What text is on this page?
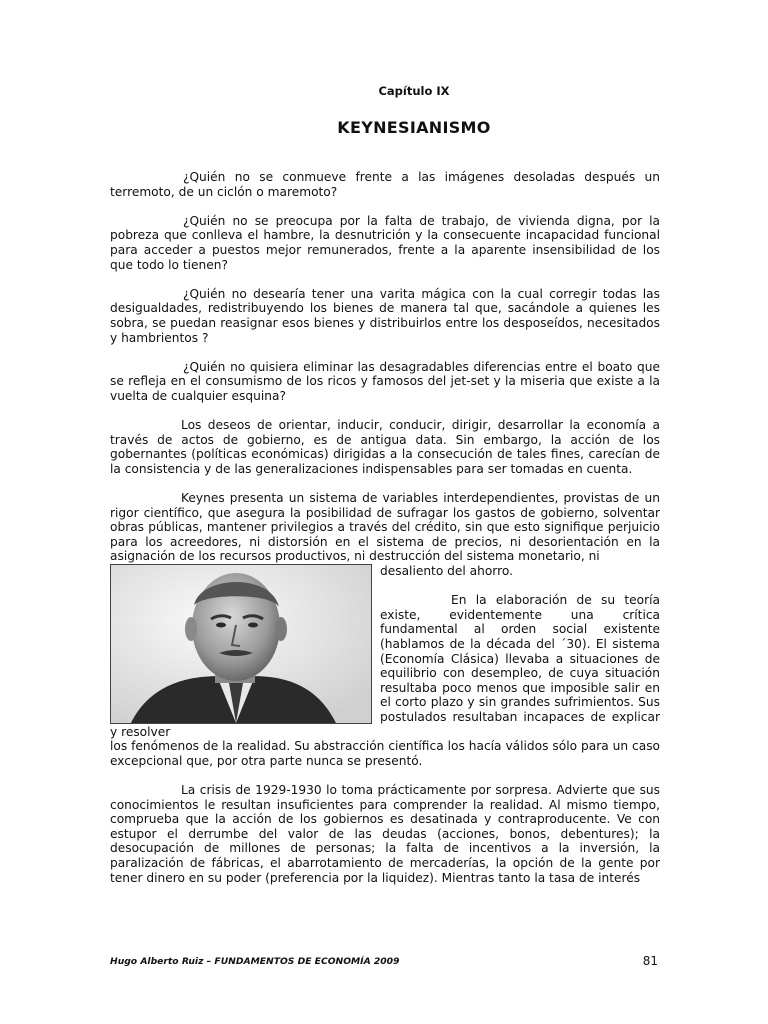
Capítulo IX

KEYNESIANISMO

¿Quién no se conmueve frente a las imágenes desoladas después un terremoto, de un ciclón o maremoto?

¿Quién no se preocupa por la falta de trabajo, de vivienda digna, por la pobreza que conlleva el hambre, la desnutrición y la consecuente incapacidad funcional para acceder a puestos mejor remunerados, frente a la aparente insensibilidad de los que todo lo tienen?

¿Quién no desearía tener una varita mágica con la cual corregir todas las desigualdades, redistribuyendo los bienes de manera tal que, sacándole a quienes les sobra, se puedan reasignar esos bienes y distribuirlos entre los desposeídos, necesitados y hambrientos ?

¿Quién no quisiera eliminar las desagradables diferencias entre el boato que se refleja en el consumismo de los ricos y famosos del jet-set y la miseria que existe a la vuelta de cualquier esquina?

Los deseos de orientar, inducir, conducir, dirigir, desarrollar la economía a través de actos de gobierno, es de antigua data. Sin embargo, la acción de los gobernantes (políticas económicas) dirigidas a la consecución de tales fines, carecían de la consistencia y de las generalizaciones indispensables para ser tomadas en cuenta.

Keynes presenta un sistema de variables interdependientes, provistas de un rigor científico, que asegura la posibilidad de sufragar los gastos de gobierno, solventar obras públicas, mantener privilegios a través del crédito, sin que esto signifique perjuicio para los acreedores, ni distorsión en el sistema de precios, ni desorientación en la asignación de los recursos productivos, ni destrucción del sistema monetario, ni

desaliento del ahorro.

En la elaboración de su teoría existe, evidentemente una crítica fundamental al orden social existente (hablamos de la década del ´30). El sistema (Economía Clásica) llevaba a situaciones de equilibrio con desempleo, de cuya situación resultaba poco menos que imposible salir en el corto plazo y sin grandes sufrimientos. Sus postulados resultaban incapaces de explicar y resolver

los fenómenos de la realidad. Su abstracción científica los hacía válidos sólo para un caso excepcional que, por otra parte nunca se presentó.

La crisis de 1929-1930 lo toma prácticamente por sorpresa. Advierte que sus conocimientos le resultan insuficientes para comprender la realidad. Al mismo tiempo, comprueba que la acción de los gobiernos es desatinada y contraproducente. Ve con estupor el derrumbe del valor de las deudas (acciones, bonos, debentures); la desocupación de millones de personas; la falta de incentivos a la inversión, la paralización de fábricas, el abarrotamiento de mercaderías, la opción de la gente por tener dinero en su poder (preferencia por la liquidez). Mientras tanto la tasa de interés

Hugo Alberto Ruiz – FUNDAMENTOS DE ECONOMÍA 2009	81
